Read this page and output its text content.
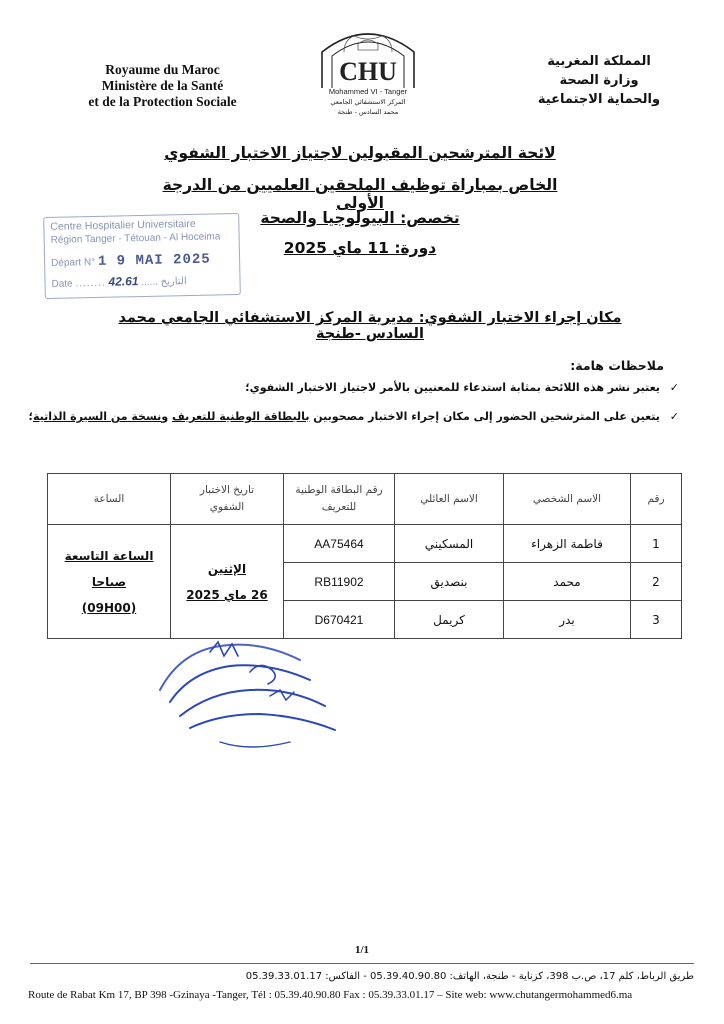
Royaume du Maroc
Ministère de la Santé
et de la Protection Sociale
CHU
Mohammed VI - Tanger
المركز الاستشفائي الجامعي
محمد السادس - طنجة
المملكة المغربية
وزارة الصحة
والحماية الاجتماعية
لائحة المترشحين المقبولين لاجتياز الاختبار الشفوي
الخاص بمباراة توظيف الملحقين العلميين من الدرجة الأولى
تخصص: البيولوجيا والصحة
دورة: 11 ماي 2025
Centre Hospitalier Universitaire
Région Tanger - Tétouan - Al Hoceima
Départ N° 1 9 MAI 2025
Date ........ 42.61 ...... التاريخ
مكان إجراء الاختبار الشفوي: مديرية المركز الاستشفائي الجامعي محمد السادس -طنجة
ملاحظات هامة:
✓ يعتبر نشر هذه اللائحة بمثابة استدعاء للمعنيين بالأمر لاجتياز الاختبار الشفوي؛
✓ يتعين على المترشحين الحضور إلى مكان إجراء الاختبار مصحوبين بالبطاقة الوطنية للتعريف ونسخة من السيرة الذاتية؛
رقم	الاسم الشخصي	الاسم العائلي	رقم البطاقة الوطنية للتعريف	تاريخ الاختبار الشفوي	الساعة
1	فاطمة الزهراء	المسكيني	AA75464	الإثنين
26 ماي 2025	الساعة التاسعة
صباحا
(09H00)

2	محمد	بنصديق	RB11902		
3	بدر	كريمل	D670421		
1/1
طريق الرباط، كلم 17، ص.ب 398، كزناية - طنجة، الهاتف: 05.39.40.90.80 - الفاكس: 05.39.33.01.17
Route de Rabat Km 17, BP 398 -Gzinaya -Tanger, Tél : 05.39.40.90.80 Fax : 05.39.33.01.17 – Site web: www.chutangermohammed6.ma
